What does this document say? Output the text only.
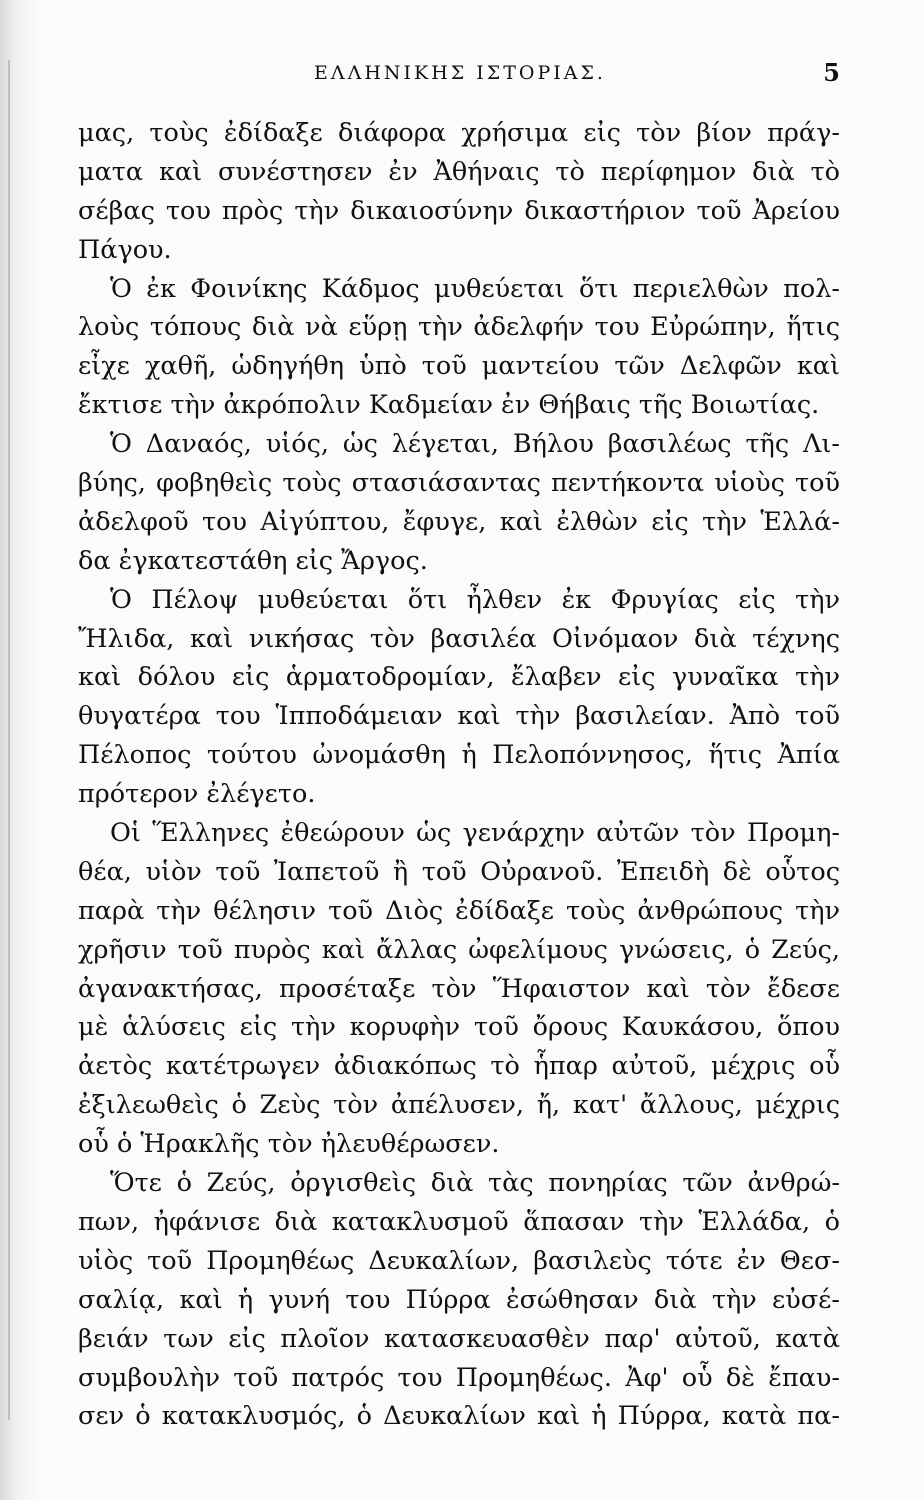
ΕΛΛΗΝΙΚΗΣ ΙΣΤΟΡΙΑΣ.	5
μας, τοὺς ἐδίδαξε διάφορα χρήσιμα εἰς τὸν βίον πράγ-
ματα καὶ συνέστησεν ἐν Ἀθήναις τὸ περίφημον διὰ τὸ
σέβας του πρὸς τὴν δικαιοσύνην δικαστήριον τοῦ Ἀρείου
Πάγου.
Ὁ ἐκ Φοινίκης Κάδμος μυθεύεται ὅτι περιελθὼν πολ-
λοὺς τόπους διὰ νὰ εὕρῃ τὴν ἀδελφήν του Εὐρώπην, ἥτις
εἶχε χαθῆ, ὡδηγήθη ὑπὸ τοῦ μαντείου τῶν Δελφῶν καὶ
ἔκτισε τὴν ἀκρόπολιν Καδμείαν ἐν Θήβαις τῆς Βοιωτίας.
Ὁ Δαναός, υἱός, ὡς λέγεται, Βήλου βασιλέως τῆς Λι-
βύης, φοβηθεὶς τοὺς στασιάσαντας πεντήκοντα υἱοὺς τοῦ
ἀδελφοῦ του Αἰγύπτου, ἔφυγε, καὶ ἐλθὼν εἰς τὴν Ἑλλά-
δα ἐγκατεστάθη εἰς Ἄργος.
Ὁ Πέλοψ μυθεύεται ὅτι ἦλθεν ἐκ Φρυγίας εἰς τὴν
Ἤλιδα, καὶ νικήσας τὸν βασιλέα Οἰνόμαον διὰ τέχνης
καὶ δόλου εἰς ἁρματοδρομίαν, ἔλαβεν εἰς γυναῖκα τὴν
θυγατέρα του Ἱπποδάμειαν καὶ τὴν βασιλείαν. Ἀπὸ τοῦ
Πέλοπος τούτου ὠνομάσθη ἡ Πελοπόννησος, ἥτις Ἀπία
πρότερον ἐλέγετο.
Οἱ Ἕλληνες ἐθεώρουν ὡς γενάρχην αὐτῶν τὸν Προμη-
θέα, υἱὸν τοῦ Ἰαπετοῦ ἢ τοῦ Οὐρανοῦ. Ἐπειδὴ δὲ οὗτος
παρὰ τὴν θέλησιν τοῦ Διὸς ἐδίδαξε τοὺς ἀνθρώπους τὴν
χρῆσιν τοῦ πυρὸς καὶ ἄλλας ὠφελίμους γνώσεις, ὁ Ζεύς,
ἀγανακτήσας, προσέταξε τὸν Ἥφαιστον καὶ τὸν ἔδεσε
μὲ ἁλύσεις εἰς τὴν κορυφὴν τοῦ ὄρους Καυκάσου, ὅπου
ἀετὸς κατέτρωγεν ἀδιακόπως τὸ ἧπαρ αὐτοῦ, μέχρις οὗ
ἐξιλεωθεὶς ὁ Ζεὺς τὸν ἀπέλυσεν, ἤ, κατ' ἄλλους, μέχρις
οὗ ὁ Ἡρακλῆς τὸν ἠλευθέρωσεν.
Ὅτε ὁ Ζεύς, ὀργισθεὶς διὰ τὰς πονηρίας τῶν ἀνθρώ-
πων, ἠφάνισε διὰ κατακλυσμοῦ ἅπασαν τὴν Ἑλλάδα, ὁ
υἱὸς τοῦ Προμηθέως Δευκαλίων, βασιλεὺς τότε ἐν Θεσ-
σαλίᾳ, καὶ ἡ γυνή του Πύρρα ἐσώθησαν διὰ τὴν εὐσέ-
βειάν των εἰς πλοῖον κατασκευασθὲν παρ' αὐτοῦ, κατὰ
συμβουλὴν τοῦ πατρός του Προμηθέως. Ἀφ' οὗ δὲ ἔπαυ-
σεν ὁ κατακλυσμός, ὁ Δευκαλίων καὶ ἡ Πύρρα, κατὰ πα-
